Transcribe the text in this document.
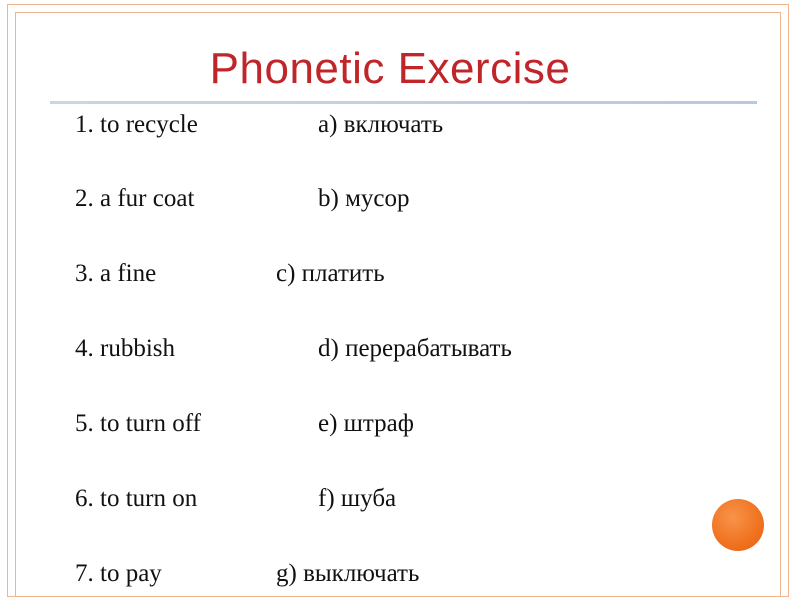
Phonetic Exercise
1. to recycle	a) включать
2. a fur coat	b) мусор
3. a fine	c) платить
4. rubbish	d) перерабатывать
5. to turn off	e) штраф
6. to turn on	f) шуба
7. to pay	g) выключать
